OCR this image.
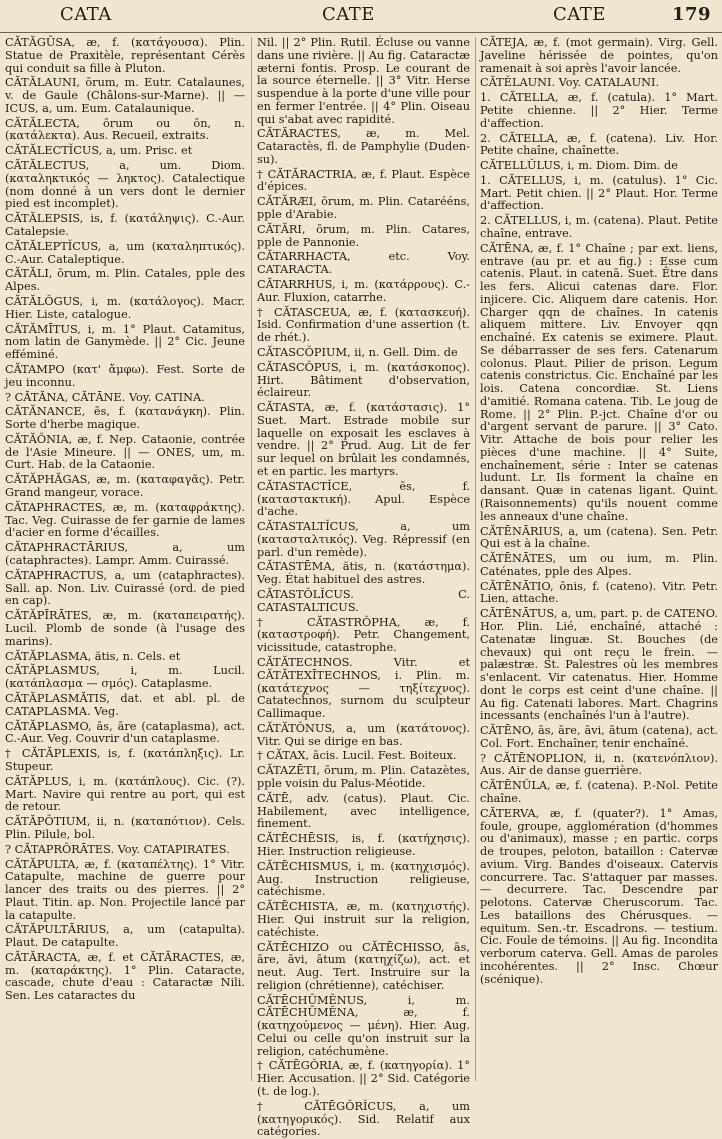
CATA	CATE	CATE	179

CĂTĂGŪSA, æ, f. (κατάγουσα). Plin. Statue de Praxitèle, représentant Cérès qui conduit sa fille à Pluton.

CĂTĂLAUNI, ōrum, m. Eutr. Catalaunes, v. de Gaule (Châlons-sur-Marne). || — ICUS, a, um. Eum. Catalaunique.

CĂTĂLECTA, ōrum ou ōn, n. (κατάλεκτα). Aus. Recueil, extraits.

CĂTĂLECTĬCUS, a, um. Prisc. et

CĂTĂLECTUS, a, um. Diom. (καταληκτικός — ληκτος). Catalectique (nom donné à un vers dont le dernier pied est incomplet).

CĂTĂLEPSIS, is, f. (κατάληψις). C.-Aur. Catalepsie.

CĂTĂLEPTĬCUS, a, um (καταληπτικός). C.-Aur. Cataleptique.

CĂTĂLI, ōrum, m. Plin. Catales, pple des Alpes.

CĂTĂLŎGUS, i, m. (κατάλογος). Macr. Hier. Liste, catalogue.

CĂTĂMĪTUS, i, m. 1° Plaut. Catamitus, nom latin de Ganymède. || 2° Cic. Jeune efféminé.

CĂTAMPO (κατ' ἄμφω). Fest. Sorte de jeu inconnu.

? CĂTĂNA, CĂTĀNE. Voy. CATINA.

CĂTĂNANCE, ēs, f. (κατανάγκη). Plin. Sorte d'herbe magique.

CĂTĂŎNIA, æ, f. Nep. Cataonie, contrée de l'Asie Mineure. || — ONES, um, m. Curt. Hab. de la Cataonie.

CĂTĂPHĂGAS, æ, m. (καταφαγᾶς). Petr. Grand mangeur, vorace.

CĂTAPHRACTES, æ, m. (καταφράκτης). Tac. Veg. Cuirasse de fer garnie de lames d'acier en forme d'écailles.

CĂTAPHRACTĀRIUS, a, um (cataphractes). Lampr. Amm. Cuirassé.

CĂTAPHRACTUS, a, um (cataphractes). Sall. ap. Non. Liv. Cuirassé (ord. de pied en cap).

CĂTĂPĪRĀTES, æ, m. (καταπειρατής). Lucil. Plomb de sonde (à l'usage des marins).

CĂTĂPLASMA, ătis, n. Cels. et

CĂTĂPLASMUS, i, m. Lucil. (κατάπλασμα — σμός). Cataplasme.

CĂTĂPLASMĂTIS, dat. et abl. pl. de CATAPLASMA. Veg.

CĂTĂPLASMO, ās, āre (cataplasma), act. C.-Aur. Veg. Couvrir d'un cataplasme.

† CĂTĂPLEXIS, is, f. (κατάπληξις). Lr. Stupeur.

CĂTĂPLUS, i, m. (κατάπλους). Cic. (?). Mart. Navire qui rentre au port, qui est de retour.

CĂTĂPŌTIUM, ii, n. (καταπότιον). Cels. Plin. Pilule, bol.

? CĂTAPRŌRĀTES. Voy. CATAPIRATES.

CĂTĂPULTA, æ, f. (καταπέλτης). 1° Vitr. Catapulte, machine de guerre pour lancer des traits ou des pierres. || 2° Plaut. Titin. ap. Non. Projectile lancé par la catapulte.

CĂTĂPULTĀRIUS, a, um (catapulta). Plaut. De catapulte.

CĂTĂRACTA, æ, f. et CĂTĂRACTES, æ, m. (καταράκτης). 1° Plin. Cataracte, cascade, chute d'eau : Cataractæ Nili. Sen. Les cataractes du

Nil. || 2° Plin. Rutil. Écluse ou vanne dans une rivière. || Au fig. Cataractæ æterni fontis. Prosp. Le courant de la source éternelle. || 3° Vitr. Herse suspendue à la porte d'une ville pour en fermer l'entrée. || 4° Plin. Oiseau qui s'abat avec rapidité.

CĂTĂRACTES, æ, m. Mel. Cataractès, fl. de Pamphylie (Duden-su).

† CĂTĂRACTRIA, æ, f. Plaut. Espèce d'épices.

CĂTĂRÆI, ōrum, m. Plin. Catarééns, pple d'Arabie.

CĂTĂRI, ōrum, m. Plin. Catares, pple de Pannonie.

CĂTARRHACTA, etc. Voy. CATARACTA.

CĂTARRHUS, i, m. (κατάρρους). C.-Aur. Fluxion, catarrhe.

† CĂTASCEUA, æ, f. (κατασκευή). Isid. Confirmation d'une assertion (t. de rhét.).

CĂTASCŎPIUM, ii, n. Gell. Dim. de

CĂTASCŎPUS, i, m. (κατάσκοπος). Hirt. Bâtiment d'observation, éclaireur.

CĂTASTA, æ, f. (κατάστασις). 1° Suet. Mart. Estrade mobile sur laquelle on exposait les esclaves à vendre. || 2° Prud. Aug. Lit de fer sur lequel on brûlait les condamnés, et en partic. les martyrs.

CĂTASTACTĬCE, ēs, f. (καταστακτική). Apul. Espèce d'ache.

CĂTASTALTĬCUS, a, um (κατασταλτικός). Veg. Répressif (en parl. d'un remède).

CĂTASTĒMA, ătis, n. (κατάστημα). Veg. État habituel des astres.

CĂTASTŎLĬCUS. C. CATASTALTICUS.

† CĂTASTRŎPHA, æ, f. (καταστροφή). Petr. Changement, vicissitude, catastrophe.

CĂTĂTECHNOS. Vitr. et CĂTĂTEXĪTECHNOS, i. Plin. m. (κατάτεχνος — τηξίτεχνος). Catatechnos, surnom du sculpteur Callimaque.

CĂTĂTŎNUS, a, um (κατάτονος). Vitr. Qui se dirige en bas.

† CĂTAX, ācis. Lucil. Fest. Boiteux.

CĂTAZĒTI, ōrum, m. Plin. Catazètes, pple voisin du Palus-Méotide.

CĂTĒ, adv. (catus). Plaut. Cic. Habilement, avec intelligence, finement.

CĂTĒCHĒSIS, is, f. (κατήχησις). Hier. Instruction religieuse.

CĂTĒCHISMUS, i, m. (κατηχισμός). Aug. Instruction religieuse, catéchisme.

CĂTĒCHISTA, æ, m. (κατηχιστής). Hier. Qui instruit sur la religion, catéchiste.

CĂTĒCHIZO ou CĂTĒCHISSO, ās, āre, āvi, ātum (κατηχίζω), act. et neut. Aug. Tert. Instruire sur la religion (chrétienne), catéchiser.

CĂTĒCHŪMĔNUS, i, m. CĂTĒCHŪMĔNA, æ, f. (κατηχούμενος — μένη). Hier. Aug. Celui ou celle qu'on instruit sur la religion, catéchumène.

† CĂTĒGŎRIA, æ, f. (κατηγορία). 1° Hier. Accusation. || 2° Sid. Catégorie (t. de log.).

† CĂTĒGŎRĬCUS, a, um (κατηγορικός). Sid. Relatif aux catégories.

CĂTEJA, æ, f. (mot germain). Virg. Gell. Javeline hérissée de pointes, qu'on ramenait à soi après l'avoir lancée.

CĂTĔLAUNI. Voy. CATALAUNI.

1. CĂTELLA, æ, f. (catula). 1° Mart. Petite chienne. || 2° Hier. Terme d'affection.

2. CĂTELLA, æ, f. (catena). Liv. Hor. Petite chaîne, chaînette.

CĂTELLŬLUS, i, m. Diom. Dim. de

1. CĂTELLUS, i, m. (catulus). 1° Cic. Mart. Petit chien. || 2° Plaut. Hor. Terme d'affection.

2. CĂTELLUS, i, m. (catena). Plaut. Petite chaîne, entrave.

CĂTĒNA, æ, f. 1° Chaîne ; par ext. liens, entrave (au pr. et au fig.) : Esse cum catenis. Plaut. in catenā. Suet. Être dans les fers. Alicui catenas dare. Flor. injicere. Cic. Aliquem dare catenis. Hor. Charger qqn de chaînes. In catenis aliquem mittere. Liv. Envoyer qqn enchaîné. Ex catenis se eximere. Plaut. Se débarrasser de ses fers. Catenarum colonus. Plaut. Pilier de prison. Legum catenis constrictus. Cic. Enchaîné par les lois. Catena concordiæ. St. Liens d'amitié. Romana catena. Tib. Le joug de Rome. || 2° Plin. P.-jct. Chaîne d'or ou d'argent servant de parure. || 3° Cato. Vitr. Attache de bois pour relier les pièces d'une machine. || 4° Suite, enchaînement, série : Inter se catenas ludunt. Lr. Ils forment la chaîne en dansant. Quæ in catenas ligant. Quint. (Raisonnements) qu'ils nouent comme les anneaux d'une chaîne.

CĂTĒNĀRIUS, a, um (catena). Sen. Petr. Qui est à la chaîne.

CĂTĒNĀTES, um ou ium, m. Plin. Caténates, pple des Alpes.

CĂTĒNĀTIO, ōnis, f. (cateno). Vitr. Petr. Lien, attache.

CĂTĒNĀTUS, a, um, part. p. de CATENO. Hor. Plin. Lié, enchaîné, attaché : Catenatæ linguæ. St. Bouches (de chevaux) qui ont reçu le frein. — palæstræ. St. Palestres où les membres s'enlacent. Vir catenatus. Hier. Homme dont le corps est ceint d'une chaîne. || Au fig. Catenati labores. Mart. Chagrins incessants (enchaînés l'un à l'autre).

CĂTĒNO, ās, āre, āvi, ātum (catena), act. Col. Fort. Enchaîner, tenir enchaîné.

? CĂTĒNOPLION, ii, n. (κατενόπλιον). Aus. Air de danse guerrière.

CĂTĒNŬLA, æ, f. (catena). P.-Nol. Petite chaîne.

CĂTERVA, æ, f. (quater?). 1° Amas, foule, groupe, agglomération (d'hommes ou d'animaux), masse ; en partic. corps de troupes, peloton, bataillon : Catervæ avium. Virg. Bandes d'oiseaux. Catervis concurrere. Tac. S'attaquer par masses. — decurrere. Tac. Descendre par pelotons. Catervæ Cheruscorum. Tac. Les bataillons des Chérusques. — equitum. Sen.-tr. Escadrons. — testium. Cic. Foule de témoins. || Au fig. Incondita verborum caterva. Gell. Amas de paroles incohérentes. || 2° Insc. Chœur (scénique).
